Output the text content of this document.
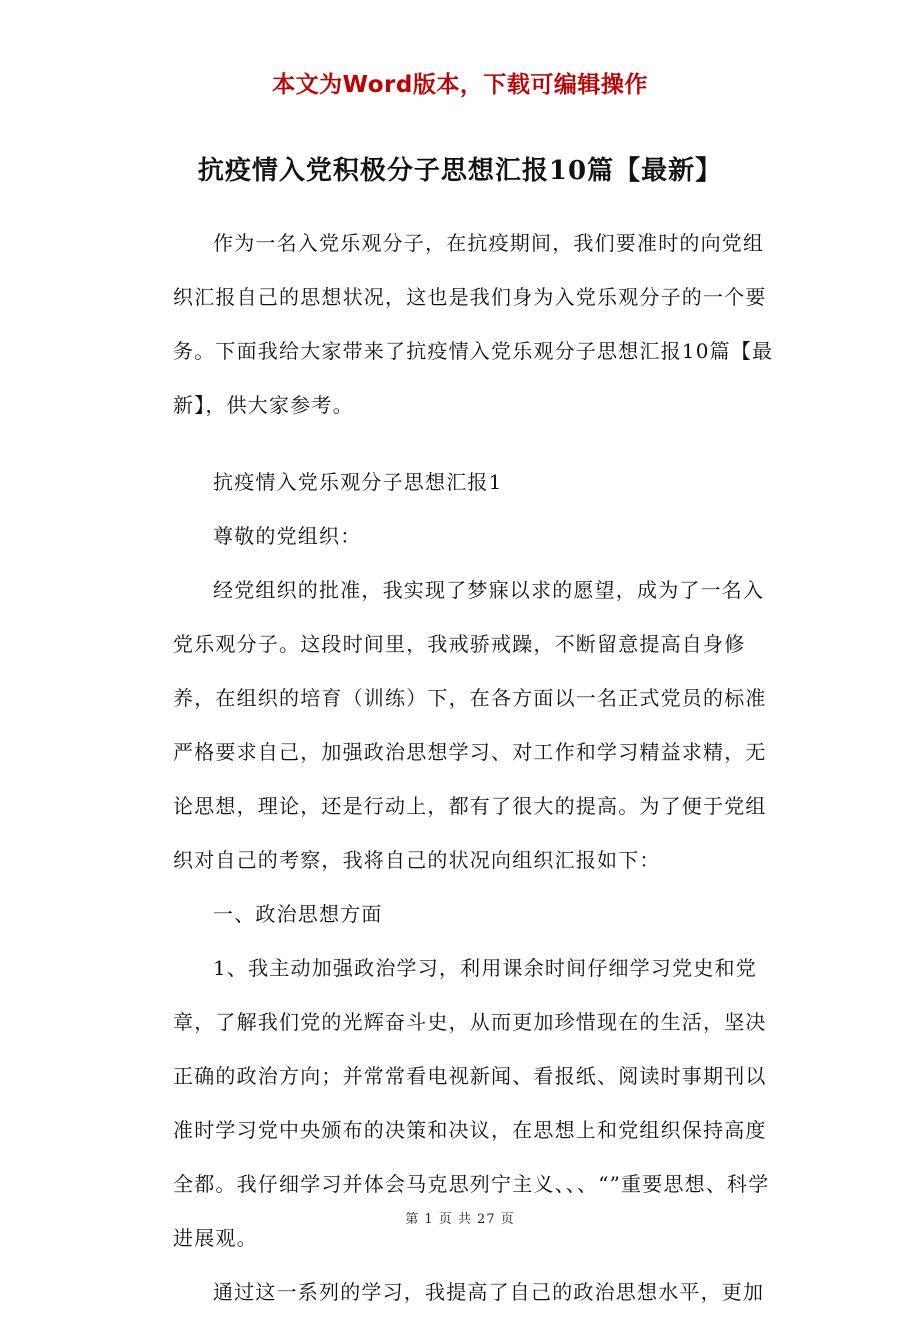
本文为Word版本，下载可编辑操作
抗疫情入党积极分子思想汇报10篇【最新】

作为一名入党乐观分子，在抗疫期间，我们要准时的向党组织汇报自己的思想状况，这也是我们身为入党乐观分子的一个要务。下面我给大家带来了抗疫情入党乐观分子思想汇报10篇【最新】，供大家参考。

抗疫情入党乐观分子思想汇报1

尊敬的党组织：

经党组织的批准，我实现了梦寐以求的愿望，成为了一名入党乐观分子。这段时间里，我戒骄戒躁，不断留意提高自身修养，在组织的培育（训练）下，在各方面以一名正式党员的标准严格要求自己，加强政治思想学习、对工作和学习精益求精，无论思想，理论，还是行动上，都有了很大的提高。为了便于党组织对自己的考察，我将自己的状况向组织汇报如下：

一、政治思想方面

1、我主动加强政治学习，利用课余时间仔细学习党史和党章，了解我们党的光辉奋斗史，从而更加珍惜现在的生活，坚决正确的政治方向；并常常看电视新闻、看报纸、阅读时事期刊以准时学习党中央颁布的决策和决议，在思想上和党组织保持高度全都。我仔细学习并体会马克思列宁主义、、、“”重要思想、科学进展观。

通过这一系列的学习，我提高了自己的政治思想水平，更加

第 1 页 共 27 页
